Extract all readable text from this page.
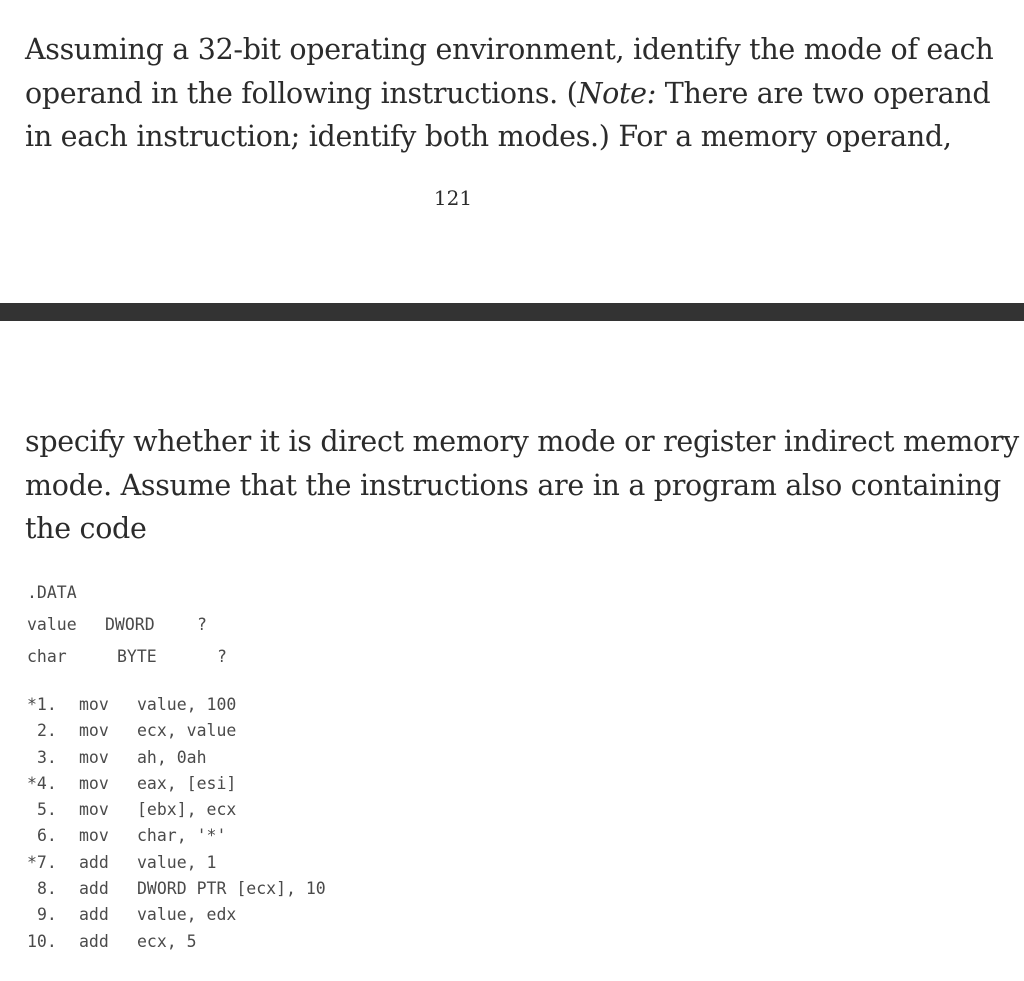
Assuming a 32-bit operating environment, identify the mode of each
operand in the following instructions. (Note: There are two operand
in each instruction; identify both modes.) For a memory operand,
121
specify whether it is direct memory mode or register indirect memory
mode. Assume that the instructions are in a program also containing
the code
.DATA
value DWORD	?
char	BYTE	?
*1. mov value, 100
 2. mov ecx, value
 3. mov ah, 0ah
*4. mov eax, [esi]
 5. mov [ebx], ecx
 6. mov char, '*'
*7. add value, 1
 8. add DWORD PTR [ecx], 10
 9. add value, edx
10. add ecx, 5
